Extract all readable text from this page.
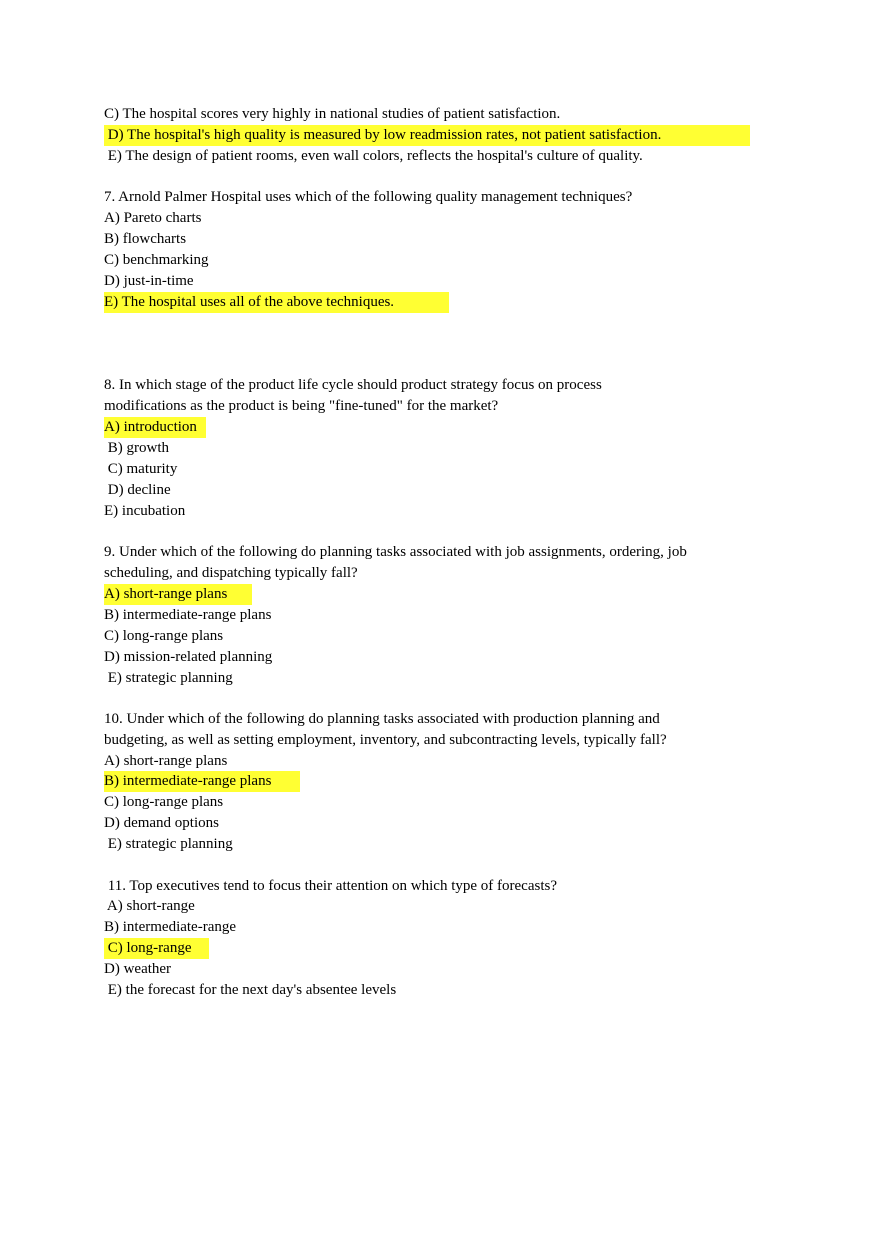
C) The hospital scores very highly in national studies of patient satisfaction.
D) The hospital's high quality is measured by low readmission rates, not patient satisfaction.
E) The design of patient rooms, even wall colors, reflects the hospital's culture of quality.
7. Arnold Palmer Hospital uses which of the following quality management techniques?
A) Pareto charts
B) flowcharts
C) benchmarking
D) just-in-time
E) The hospital uses all of the above techniques.
8. In which stage of the product life cycle should product strategy focus on process
modifications as the product is being "fine-tuned" for the market?
A) introduction
B) growth
C) maturity
D) decline
E) incubation
9. Under which of the following do planning tasks associated with job assignments, ordering, job
scheduling, and dispatching typically fall?
A) short-range plans
B) intermediate-range plans
C) long-range plans
D) mission-related planning
E) strategic planning
10. Under which of the following do planning tasks associated with production planning and
budgeting, as well as setting employment, inventory, and subcontracting levels, typically fall?
A) short-range plans
B) intermediate-range plans
C) long-range plans
D) demand options
E) strategic planning
11. Top executives tend to focus their attention on which type of forecasts?
A) short-range
B) intermediate-range
C) long-range
D) weather
E) the forecast for the next day's absentee levels
